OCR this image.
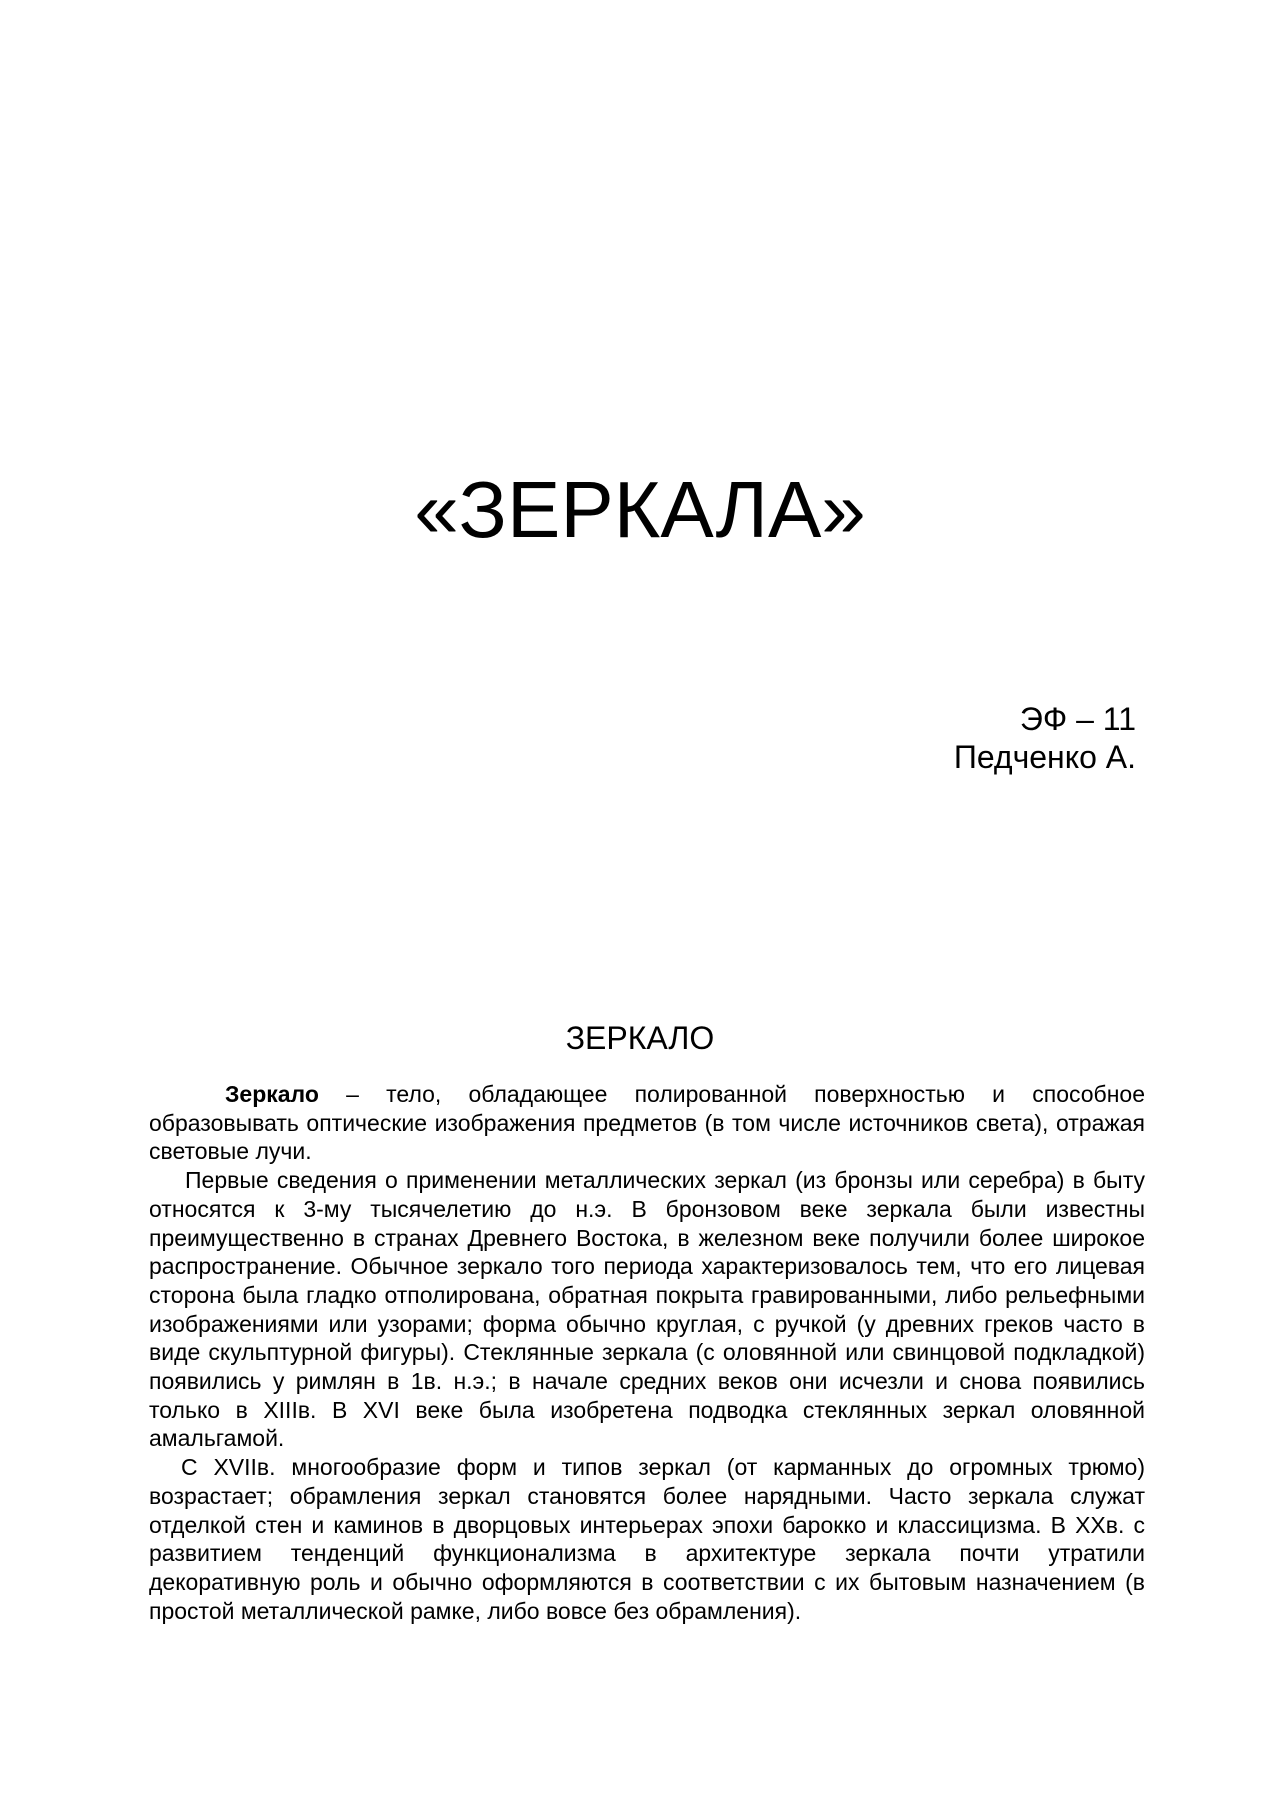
«ЗЕРКАЛА»
ЭФ – 11
Педченко А.
ЗЕРКАЛО

Зеркало – тело, обладающее полированной поверхностью и способное образовывать оптические изображения предметов (в том числе источников света), отражая световые лучи.

Первые сведения о применении металлических зеркал (из бронзы или серебра) в быту относятся к 3-му тысячелетию до н.э. В бронзовом веке зеркала были известны преимущественно в странах Древнего Востока, в железном веке получили более широкое распространение. Обычное зеркало того периода характеризовалось тем, что его лицевая сторона была гладко отполирована, обратная покрыта гравированными, либо рельефными изображениями или узорами; форма обычно круглая, с ручкой (у древних греков часто в виде скульптурной фигуры). Стеклянные зеркала (с оловянной или свинцовой подкладкой) появились у римлян в 1в. н.э.; в начале средних веков они исчезли и снова появились только в XIIIв. В XVI веке была изобретена подводка стеклянных зеркал оловянной амальгамой.

С XVIIв. многообразие форм и типов зеркал (от карманных до огромных трюмо) возрастает; обрамления зеркал становятся более нарядными. Часто зеркала служат отделкой стен и каминов в дворцовых интерьерах эпохи барокко и классицизма. В XXв. с развитием тенденций функционализма в архитектуре зеркала почти утратили декоративную роль и обычно оформляются в соответствии с их бытовым назначением (в простой металлической рамке, либо вовсе без обрамления).
